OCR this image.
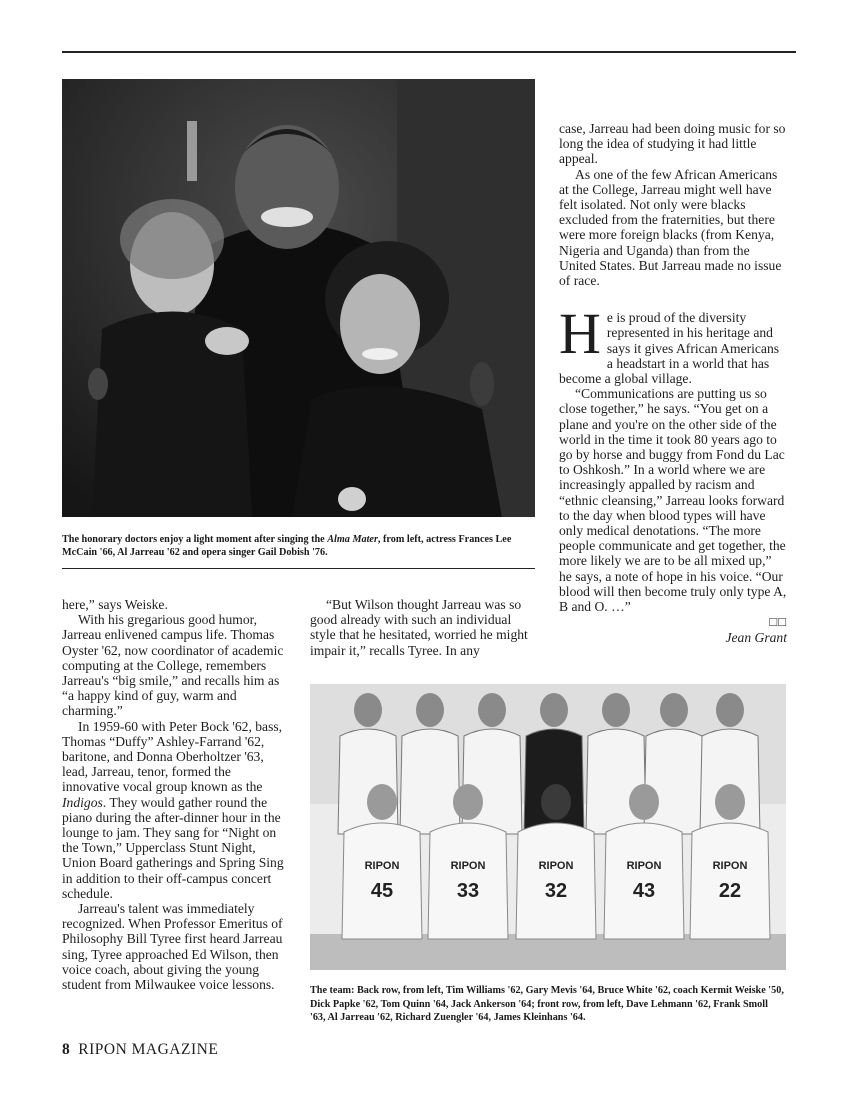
The honorary doctors enjoy a light moment after singing the Alma Mater, from left, actress Frances Lee McCain '66, Al Jarreau '62 and opera singer Gail Dobish '76.

case, Jarreau had been doing music for so long the idea of studying it had little appeal.

As one of the few African Americans at the College, Jarreau might well have felt isolated. Not only were blacks excluded from the fraternities, but there were more foreign blacks (from Kenya, Nigeria and Uganda) than from the United States. But Jarreau made no issue of race.

He is proud of the diversity represented in his heritage and says it gives African Americans a headstart in a world that has become a global village.

“Communications are putting us so close together,” he says. “You get on a plane and you're on the other side of the world in the time it took 80 years ago to go by horse and buggy from Fond du Lac to Oshkosh.” In a world where we are increasingly appalled by racism and “ethnic cleansing,” Jarreau looks forward to the day when blood types will have only medical denotations. “The more people communicate and get together, the more likely we are to be all mixed up,” he says, a note of hope in his voice. “Our blood will then become truly only type A, B and O. …”

□□
Jean Grant

here,” says Weiske.

With his gregarious good humor, Jarreau enlivened campus life. Thomas Oyster '62, now coordinator of academic computing at the College, remembers Jarreau's “big smile,” and recalls him as “a happy kind of guy, warm and charming.”

In 1959-60 with Peter Bock '62, bass, Thomas “Duffy” Ashley-Farrand '62, baritone, and Donna Oberholtzer '63, lead, Jarreau, tenor, formed the innovative vocal group known as the Indigos. They would gather round the piano during the after-dinner hour in the lounge to jam. They sang for “Night on the Town,” Upperclass Stunt Night, Union Board gatherings and Spring Sing in addition to their off-campus concert schedule.

Jarreau's talent was immediately recognized. When Professor Emeritus of Philosophy Bill Tyree first heard Jarreau sing, Tyree approached Ed Wilson, then voice coach, about giving the young student from Milwaukee voice lessons.

“But Wilson thought Jarreau was so good already with such an individual style that he hesitated, worried he might impair it,” recalls Tyree. In any

RIPON
45
RIPON
33
RIPON
32
RIPON
43
RIPON
22
The team: Back row, from left, Tim Williams '62, Gary Mevis '64, Bruce White '62, coach Kermit Weiske '50, Dick Papke '62, Tom Quinn '64, Jack Ankerson '64; front row, from left, Dave Lehmann '62, Frank Smoll '63, Al Jarreau '62, Richard Zuengler '64, James Kleinhans '64.
8 RIPON MAGAZINE
